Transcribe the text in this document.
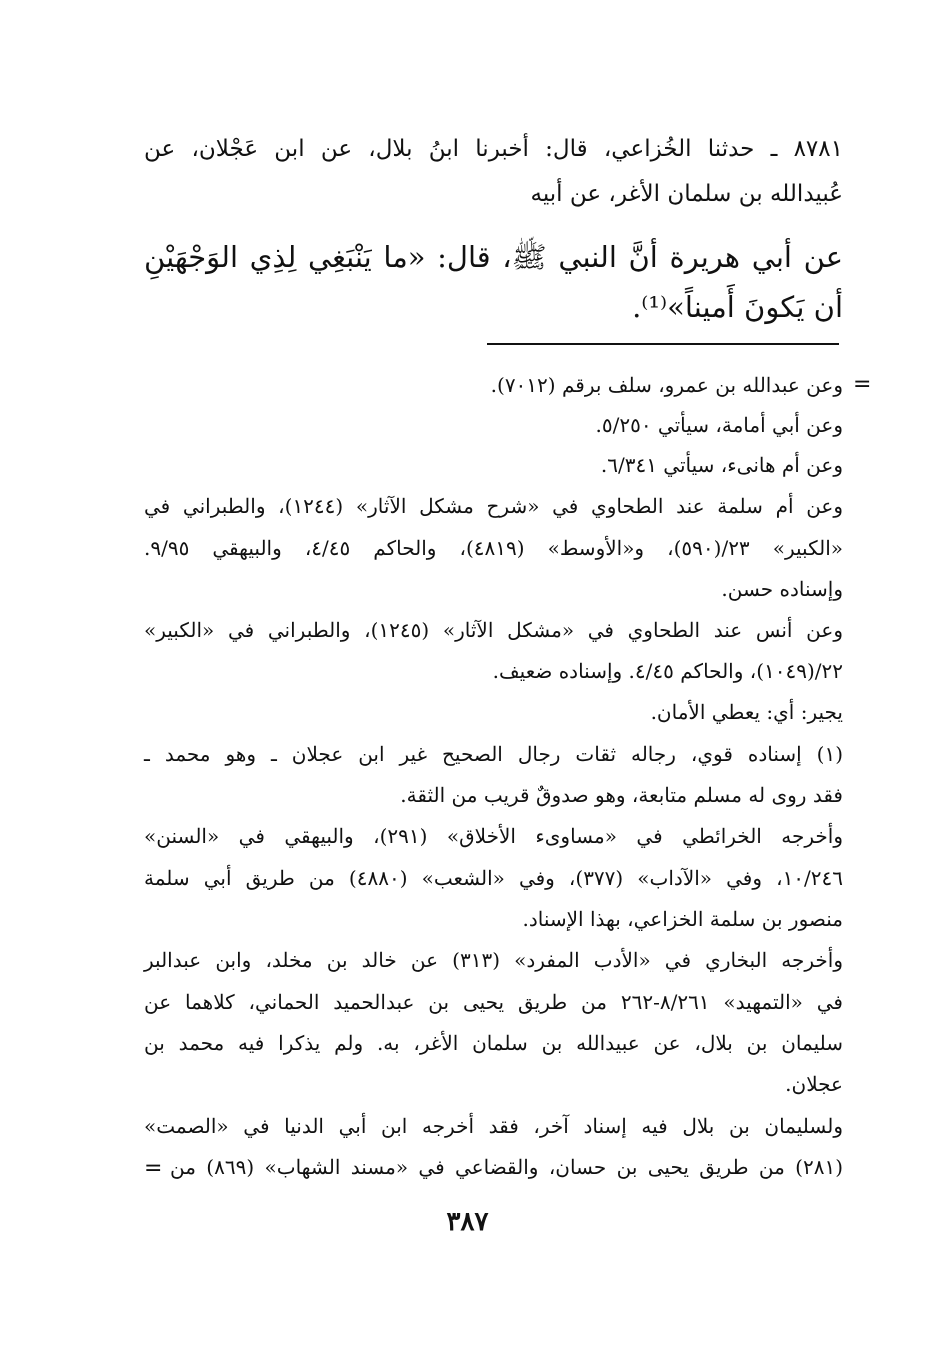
٨٧٨١ ـ حدثنا الخُزاعي، قال: أخبرنا ابنُ بلال، عن ابن عَجْلان، عن
عُبيدالله بن سلمان الأغر، عن أبيه
عن أبي هريرة أنَّ النبي ﷺ، قال: «ما يَنْبَغِي لِذِي الوَجْهَيْنِ
أن يَكونَ أَميناً»⁽¹⁾.
=
وعن عبدالله بن عمرو، سلف برقم (٧٠١٢).
وعن أبي أمامة، سيأتي ٥/٢٥٠.
وعن أم هانىء، سيأتي ٦/٣٤١.
وعن أم سلمة عند الطحاوي في «شرح مشكل الآثار» (١٢٤٤)، والطبراني في
«الكبير» ٢٣/(٥٩٠)، و«الأوسط» (٤٨١٩)، والحاكم ٤/٤٥، والبيهقي ٩/٩٥.
وإسناده حسن.
وعن أنس عند الطحاوي في «مشكل الآثار» (١٢٤٥)، والطبراني في «الكبير»
٢٢/(١٠٤٩)، والحاكم ٤/٤٥. وإسناده ضعيف.
يجير: أي: يعطي الأمان.
(١) إسناده قوي، رجاله ثقات رجال الصحيح غير ابن عجلان ـ وهو محمد ـ
فقد روى له مسلم متابعة، وهو صدوقٌ قريب من الثقة.
وأخرجه الخرائطي في «مساوىء الأخلاق» (٢٩١)، والبيهقي في «السنن»
١٠/٢٤٦، وفي «الآداب» (٣٧٧)، وفي «الشعب» (٤٨٨٠) من طريق أبي سلمة
منصور بن سلمة الخزاعي، بهذا الإسناد.
وأخرجه البخاري في «الأدب المفرد» (٣١٣) عن خالد بن مخلد، وابن عبدالبر
في «التمهيد» ٨/٢٦١-٢٦٢ من طريق يحيى بن عبدالحميد الحماني، كلاهما عن
سليمان بن بلال، عن عبيدالله بن سلمان الأغر، به. ولم يذكرا فيه محمد بن
عجلان.
ولسليمان بن بلال فيه إسناد آخر، فقد أخرجه ابن أبي الدنيا في «الصمت»
(٢٨١) من طريق يحيى بن حسان، والقضاعي في «مسند الشهاب» (٨٦٩) من
=
٣٨٧
